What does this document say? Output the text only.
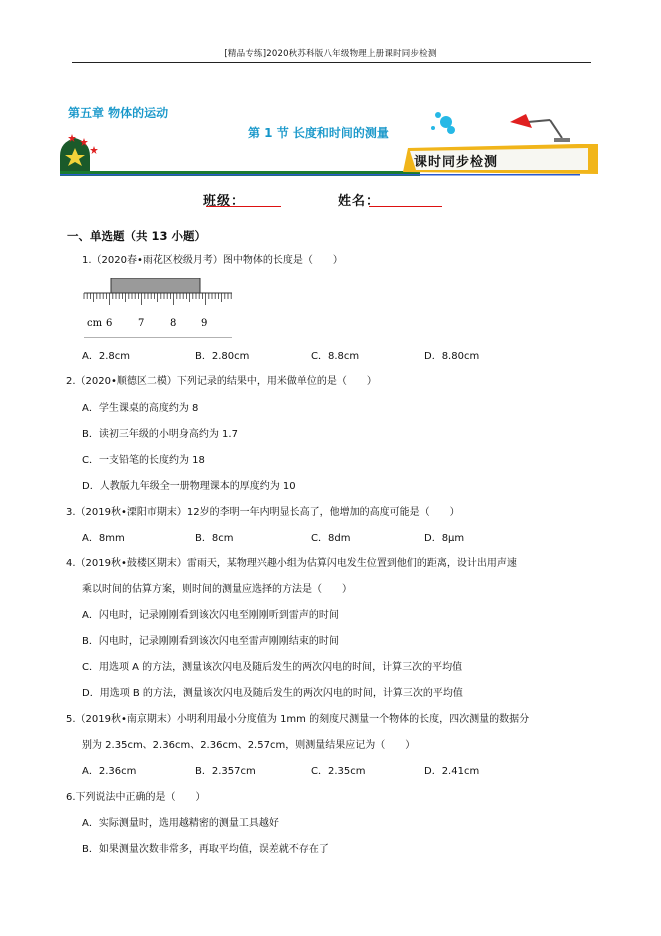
[精品专练]2020秋苏科版八年级物理上册课时同步检测
第五章 物体的运动
第 1 节 长度和时间的测量
课时同步检测
班级：	姓名：
一、单选题（共 13 小题）
1.（2020春•雨花区校级月考）图中物体的长度是（　　）
cm 6	7	8 9
A．2.8cm	B．2.80cm	C．8.8cm	D．8.80cm
2.（2020•顺德区二模）下列记录的结果中，用米做单位的是（　　）
A．学生课桌的高度约为 8
B．读初三年级的小明身高约为 1.7
C．一支铅笔的长度约为 18
D．人教版九年级全一册物理课本的厚度约为 10
3.（2019秋•溧阳市期末）12岁的李明一年内明显长高了，他增加的高度可能是（　　）
A．8mm	B．8cm	C．8dm	D．8μm
4.（2019秋•鼓楼区期末）雷雨天，某物理兴趣小组为估算闪电发生位置到他们的距离，设计出用声速
乘以时间的估算方案，则时间的测量应选择的方法是（　　）
A．闪电时，记录刚刚看到该次闪电至刚刚听到雷声的时间
B．闪电时，记录刚刚看到该次闪电至雷声刚刚结束的时间
C．用选项 A 的方法，测量该次闪电及随后发生的两次闪电的时间，计算三次的平均值
D．用选项 B 的方法，测量该次闪电及随后发生的两次闪电的时间，计算三次的平均值
5.（2019秋•南京期末）小明利用最小分度值为 1mm 的刻度尺测量一个物体的长度，四次测量的数据分
别为 2.35cm、2.36cm、2.36cm、2.57cm，则测量结果应记为（　　）
A．2.36cm	B．2.357cm	C．2.35cm	D．2.41cm
6.下列说法中正确的是（　　）
A．实际测量时，选用越精密的测量工具越好
B．如果测量次数非常多，再取平均值，误差就不存在了
